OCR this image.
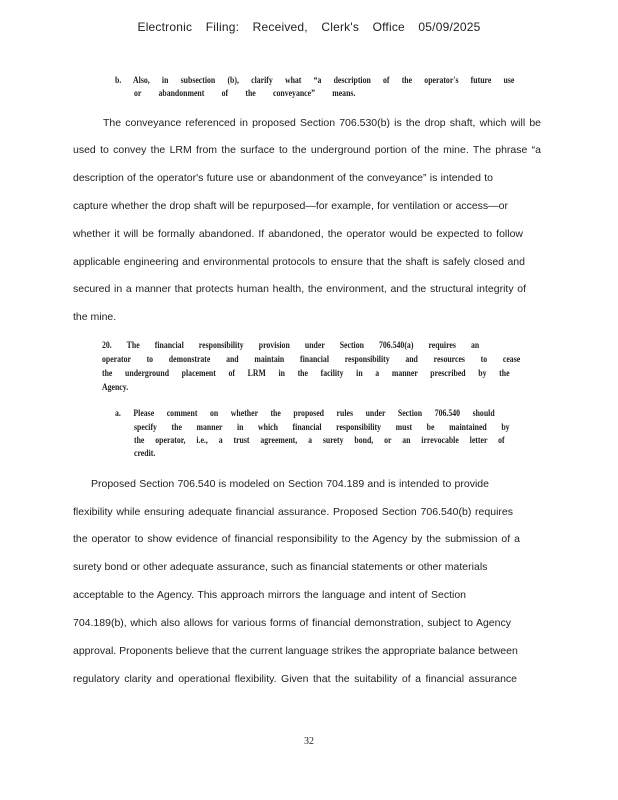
Electronic Filing: Received, Clerk's Office 05/09/2025
b. Also, in subsection (b), clarify what “a description of the operator's future use
or abandonment of the conveyance” means.
The conveyance referenced in proposed Section 706.530(b) is the drop shaft, which will be
used to convey the LRM from the surface to the underground portion of the mine. The phrase “a
description of the operator's future use or abandonment of the conveyance” is intended to
capture whether the drop shaft will be repurposed—for example, for ventilation or access—or
whether it will be formally abandoned. If abandoned, the operator would be expected to follow
applicable engineering and environmental protocols to ensure that the shaft is safely closed and
secured in a manner that protects human health, the environment, and the structural integrity of
the mine.
20. The financial responsibility provision under Section 706.540(a) requires an
operator to demonstrate and maintain financial responsibility and resources to cease
the underground placement of LRM in the facility in a manner prescribed by the
Agency.
a. Please comment on whether the proposed rules under Section 706.540 should
specify the manner in which financial responsibility must be maintained by
the operator, i.e., a trust agreement, a surety bond, or an irrevocable letter of
credit.
Proposed Section 706.540 is modeled on Section 704.189 and is intended to provide
flexibility while ensuring adequate financial assurance. Proposed Section 706.540(b) requires
the operator to show evidence of financial responsibility to the Agency by the submission of a
surety bond or other adequate assurance, such as financial statements or other materials
acceptable to the Agency. This approach mirrors the language and intent of Section
704.189(b), which also allows for various forms of financial demonstration, subject to Agency
approval. Proponents believe that the current language strikes the appropriate balance between
regulatory clarity and operational flexibility. Given that the suitability of a financial assurance
32
